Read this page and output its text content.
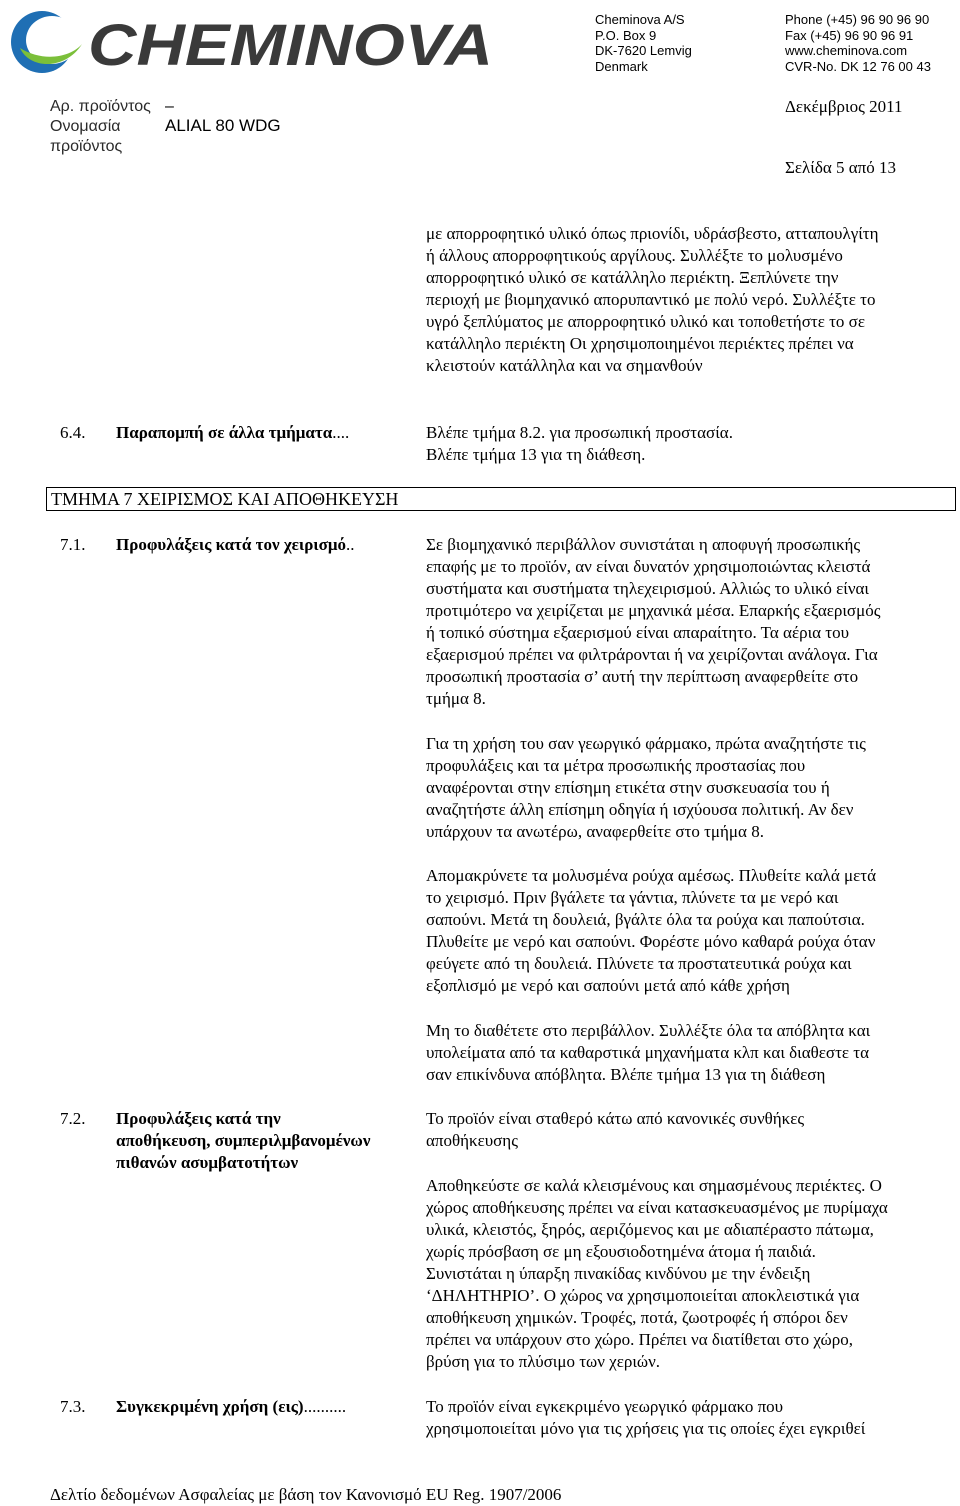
CHEMINOVA	Cheminova A/S
P.O. Box 9
DK-7620 Lemvig
Denmark
Phone (+45) 96 90 96 90
Fax (+45) 96 90 96 91
www.cheminova.com
CVR-No. DK 12 76 00 43
Αρ. προϊόντος –
Ονομασία
προϊόντος
ALIAL 80 WDG
Δεκέμβριος 2011
Σελίδα 5 από 13
με απορροφητικό υλικό όπως πριονίδι, υδράσβεστο, ατταπουλγίτη
ή άλλους απορροφητικούς αργίλους. Συλλέξτε το μολυσμένο
απορροφητικό υλικό σε κατάλληλο περιέκτη. Ξεπλύνετε την
περιοχή με βιομηχανικό απορυπαντικό με πολύ νερό. Συλλέξτε το
υγρό ξεπλύματος με απορροφητικό υλικό και τοποθετήστε το σε
κατάλληλο περιέκτη Οι χρησιμοποιημένοι περιέκτες πρέπει να
κλειστούν κατάλληλα και να σημανθούν
6.4. Παραπομπή σε άλλα τμήματα....	Βλέπε τμήμα 8.2. για προσωπική προστασία.
Βλέπε τμήμα 13 για τη διάθεση.
ΤΜΗΜΑ 7 ΧΕΙΡΙΣΜΟΣ ΚΑΙ ΑΠΟΘΗΚΕΥΣΗ
7.1. Προφυλάξεις κατά τον χειρισμό..	Σε βιομηχανικό περιβάλλον συνιστάται η αποφυγή προσωπικής
επαφής με το προϊόν, αν είναι δυνατόν χρησιμοποιώντας κλειστά
συστήματα και συστήματα τηλεχειρισμού. Αλλιώς το υλικό είναι
προτιμότερο να χειρίζεται με μηχανικά μέσα. Επαρκής εξαερισμός
ή τοπικό σύστημα εξαερισμού είναι απαραίτητο. Τα αέρια του
εξαερισμού πρέπει να φιλτράρονται ή να χειρίζονται ανάλογα. Για
προσωπική προστασία σ’ αυτή την περίπτωση αναφερθείτε στο
τμήμα 8.
Για τη χρήση του σαν γεωργικό φάρμακο, πρώτα αναζητήστε τις
προφυλάξεις και τα μέτρα προσωπικής προστασίας που
αναφέρονται στην επίσημη ετικέτα στην συσκευασία του ή
αναζητήστε άλλη επίσημη οδηγία ή ισχύουσα πολιτική. Αν δεν
υπάρχουν τα ανωτέρω, αναφερθείτε στο τμήμα 8.
Απομακρύνετε τα μολυσμένα ρούχα αμέσως. Πλυθείτε καλά μετά
το χειρισμό. Πριν βγάλετε τα γάντια, πλύνετε τα με νερό και
σαπούνι. Μετά τη δουλειά, βγάλτε όλα τα ρούχα και παπούτσια.
Πλυθείτε με νερό και σαπούνι. Φορέστε μόνο καθαρά ρούχα όταν
φεύγετε από τη δουλειά. Πλύνετε τα προστατευτικά ρούχα και
εξοπλισμό με νερό και σαπούνι μετά από κάθε χρήση
Μη το διαθέτετε στο περιβάλλον. Συλλέξτε όλα τα απόβλητα και
υπολείματα από τα καθαρστικά μηχανήματα κλπ και διαθεστε τα
σαν επικίνδυνα απόβλητα. Βλέπε τμήμα 13 για τη διάθεση
7.2. Προφυλάξεις κατά την
αποθήκευση, συμπεριλμβανομένων
πιθανών ασυμβατοτήτων
Το προϊόν είναι σταθερό κάτω από κανονικές συνθήκες
αποθήκευσης
Αποθηκεύστε σε καλά κλεισμένους και σημασμένους περιέκτες. Ο
χώρος αποθήκευσης πρέπει να είναι κατασκευασμένος με πυρίμαχα
υλικά, κλειστός, ξηρός, αεριζόμενος και με αδιαπέραστο πάτωμα,
χωρίς πρόσβαση σε μη εξουσιοδοτημένα άτομα ή παιδιά.
Συνιστάται η ύπαρξη πινακίδας κινδύνου με την ένδειξη
‘ΔΗΛΗΤΗΡΙΟ’. Ο χώρος να χρησιμοποιείται αποκλειστικά για
αποθήκευση χημικών. Τροφές, ποτά, ζωοτροφές ή σπόροι δεν
πρέπει να υπάρχουν στο χώρο. Πρέπει να διατίθεται στο χώρο,
βρύση για το πλύσιμο των χεριών.
7.3. Συγκεκριμένη χρήση (εις)..........	Το προϊόν είναι εγκεκριμένο γεωργικό φάρμακο που
χρησιμοποιείται μόνο για τις χρήσεις για τις οποίες έχει εγκριθεί
Δελτίο δεδομένων Ασφαλείας με βάση τον Κανονισμό EU Reg. 1907/2006
